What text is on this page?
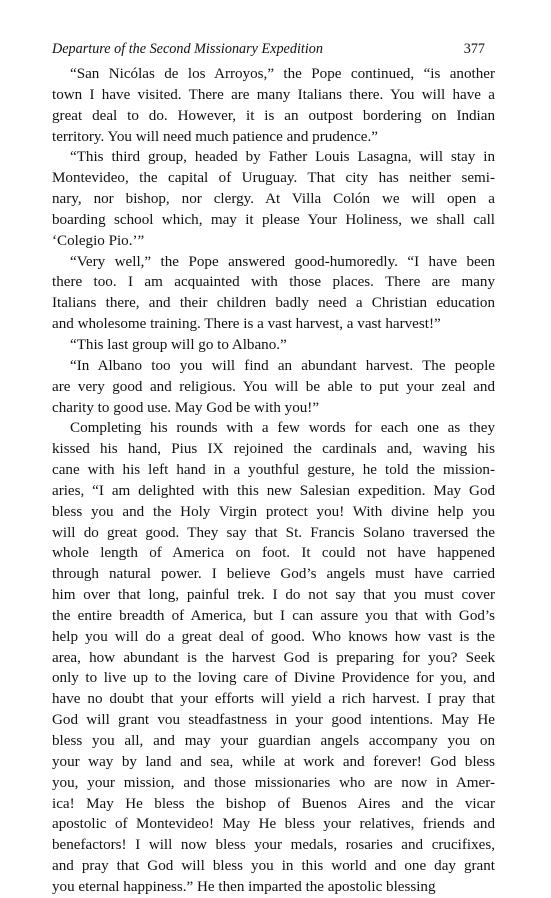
Departure of the Second Missionary Expedition	377
“San Nicólas de los Arroyos,” the Pope continued, “is another
town I have visited. There are many Italians there. You will have a
great deal to do. However, it is an outpost bordering on Indian
territory. You will need much patience and prudence.”
“This third group, headed by Father Louis Lasagna, will stay in
Montevideo, the capital of Uruguay. That city has neither semi-
nary, nor bishop, nor clergy. At Villa Colón we will open a
boarding school which, may it please Your Holiness, we shall call
‘Colegio Pio.’”
“Very well,” the Pope answered good-humoredly. “I have been
there too. I am acquainted with those places. There are many
Italians there, and their children badly need a Christian education
and wholesome training. There is a vast harvest, a vast harvest!”
“This last group will go to Albano.”
“In Albano too you will find an abundant harvest. The people
are very good and religious. You will be able to put your zeal and
charity to good use. May God be with you!”
Completing his rounds with a few words for each one as they
kissed his hand, Pius IX rejoined the cardinals and, waving his
cane with his left hand in a youthful gesture, he told the mission-
aries, “I am delighted with this new Salesian expedition. May God
bless you and the Holy Virgin protect you! With divine help you
will do great good. They say that St. Francis Solano traversed the
whole length of America on foot. It could not have happened
through natural power. I believe God’s angels must have carried
him over that long, painful trek. I do not say that you must cover
the entire breadth of America, but I can assure you that with God’s
help you will do a great deal of good. Who knows how vast is the
area, how abundant is the harvest God is preparing for you? Seek
only to live up to the loving care of Divine Providence for you, and
have no doubt that your efforts will yield a rich harvest. I pray that
God will grant vou steadfastness in your good intentions. May He
bless you all, and may your guardian angels accompany you on
your way by land and sea, while at work and forever! God bless
you, your mission, and those missionaries who are now in Amer-
ica! May He bless the bishop of Buenos Aires and the vicar
apostolic of Montevideo! May He bless your relatives, friends and
benefactors! I will now bless your medals, rosaries and crucifixes,
and pray that God will bless you in this world and one day grant
you eternal happiness.” He then imparted the apostolic blessing
